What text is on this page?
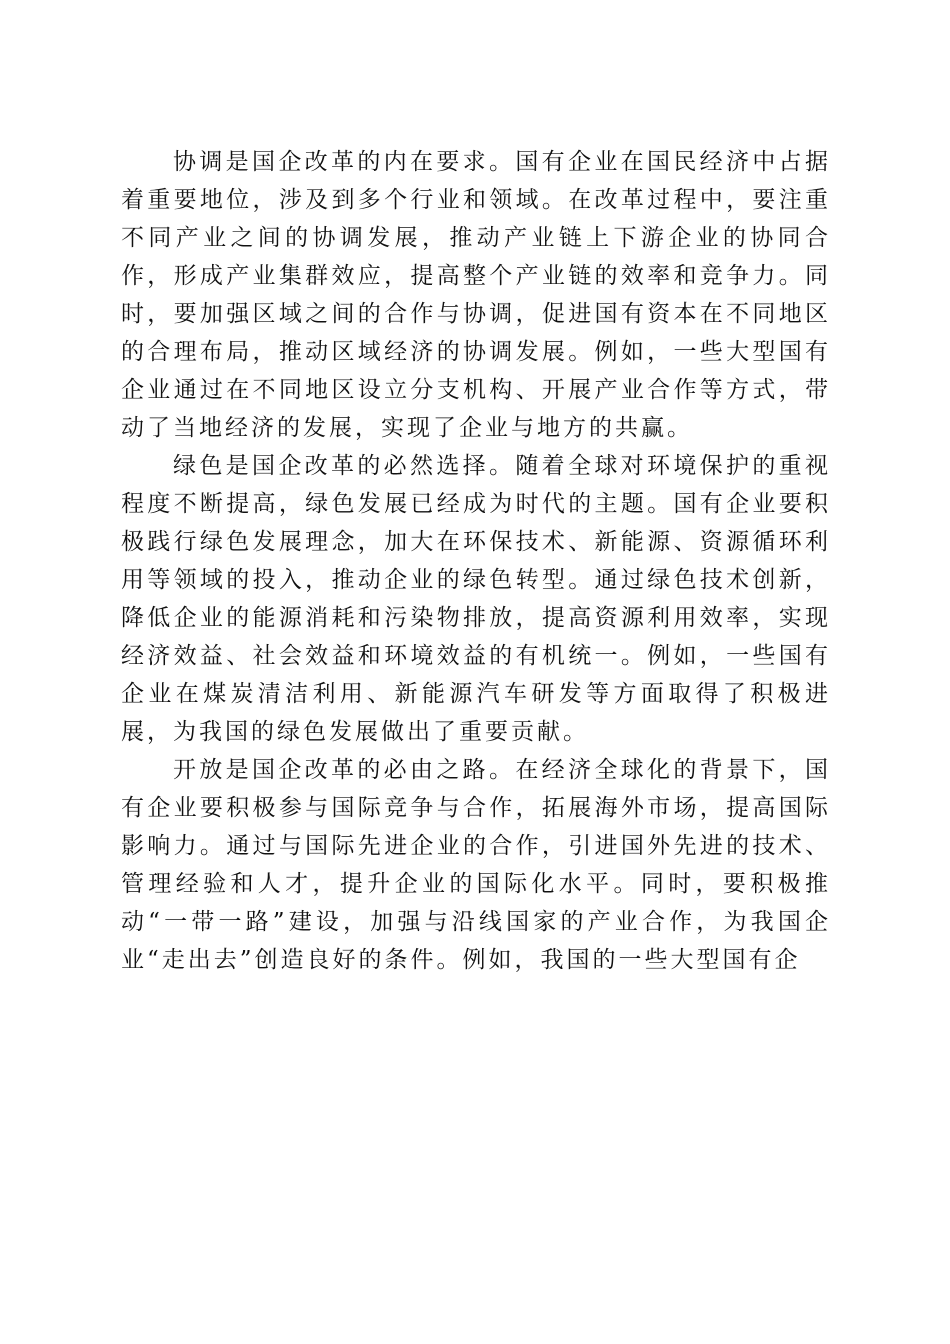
协调是国企改革的内在要求。国有企业在国民经济中占据着重要地位，涉及到多个行业和领域。在改革过程中，要注重不同产业之间的协调发展，推动产业链上下游企业的协同合作，形成产业集群效应，提高整个产业链的效率和竞争力。同时，要加强区域之间的合作与协调，促进国有资本在不同地区的合理布局，推动区域经济的协调发展。例如，一些大型国有企业通过在不同地区设立分支机构、开展产业合作等方式，带动了当地经济的发展，实现了企业与地方的共赢。

绿色是国企改革的必然选择。随着全球对环境保护的重视程度不断提高，绿色发展已经成为时代的主题。国有企业要积极践行绿色发展理念，加大在环保技术、新能源、资源循环利用等领域的投入，推动企业的绿色转型。通过绿色技术创新，降低企业的能源消耗和污染物排放，提高资源利用效率，实现经济效益、社会效益和环境效益的有机统一。例如，一些国有企业在煤炭清洁利用、新能源汽车研发等方面取得了积极进展，为我国的绿色发展做出了重要贡献。

开放是国企改革的必由之路。在经济全球化的背景下，国有企业要积极参与国际竞争与合作，拓展海外市场，提高国际影响力。通过与国际先进企业的合作，引进国外先进的技术、管理经验和人才，提升企业的国际化水平。同时，要积极推动“一带一路”建设，加强与沿线国家的产业合作，为我国企业“走出去”创造良好的条件。例如，我国的一些大型国有企
